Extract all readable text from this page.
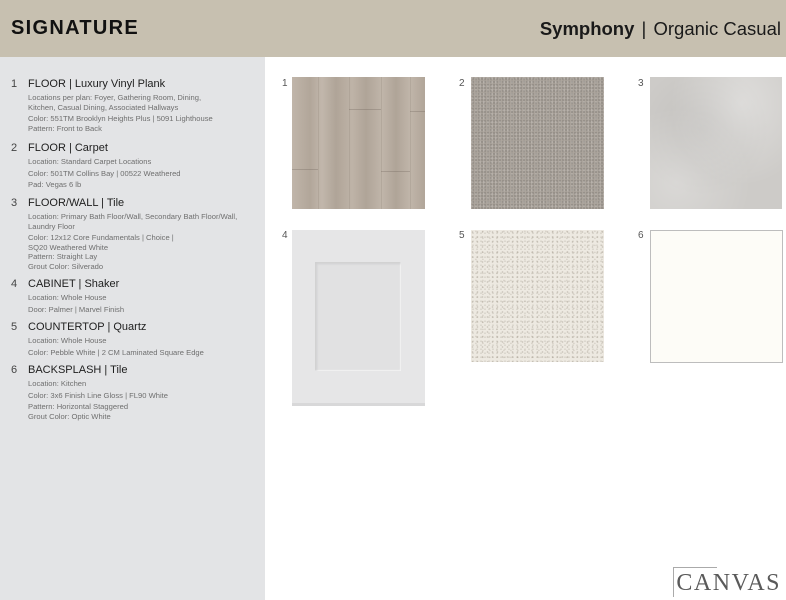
SIGNATURE	Symphony | Organic Casual
1 FLOOR | Luxury Vinyl Plank
Locations per plan: Foyer, Gathering Room, Dining,
Kitchen, Casual Dining, Associated Hallways
Color: 551TM Brooklyn Heights Plus | 5091 Lighthouse
Pattern: Front to Back
2 FLOOR | Carpet
Location: Standard Carpet Locations
Color: 501TM Collins Bay | 00522 Weathered
Pad: Vegas 6 lb
3 FLOOR/WALL | Tile
Location: Primary Bath Floor/Wall, Secondary Bath Floor/Wall,
Laundry Floor
Color: 12x12 Core Fundamentals | Choice |
SQ20 Weathered White
Pattern: Straight Lay
Grout Color: Silverado
4 CABINET | Shaker
Location: Whole House
Door: Palmer | Marvel Finish
5 COUNTERTOP | Quartz
Location: Whole House
Color: Pebble White | 2 CM Laminated Square Edge
6 BACKSPLASH | Tile
Location: Kitchen
Color: 3x6 Finish Line Gloss | FL90 White
Pattern: Horizontal Staggered
Grout Color: Optic White
1	2	3
4	5	6
CANVAS
